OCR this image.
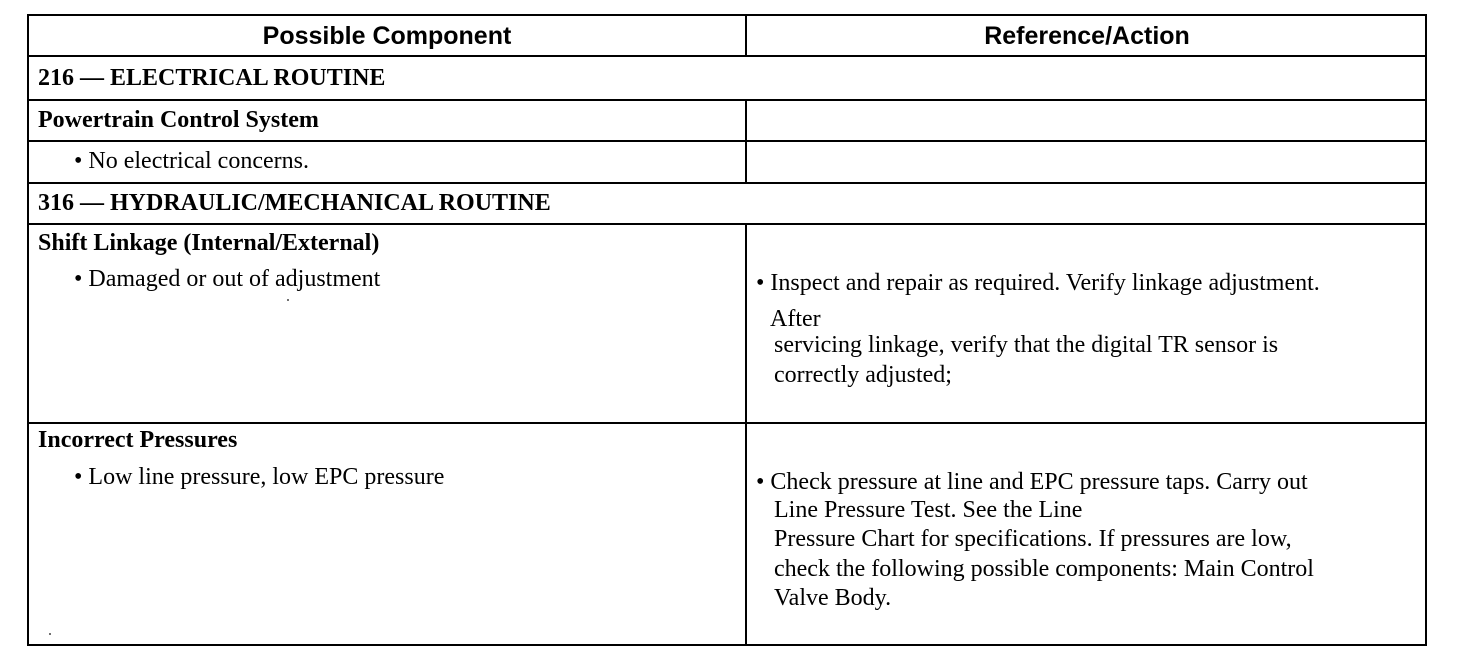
Possible Component	Reference/Action
216 — ELECTRICAL ROUTINE
Powertrain Control System
• No electrical concerns.
316 — HYDRAULIC/MECHANICAL ROUTINE
Shift Linkage (Internal/External)
• Damaged or out of adjustment	• Inspect and repair as required. Verify linkage adjustment.
After
servicing linkage, verify that the digital TR sensor is
correctly adjusted;
Incorrect Pressures
• Low line pressure, low EPC pressure	• Check pressure at line and EPC pressure taps. Carry out
Line Pressure Test. See the Line
Pressure Chart for specifications. If pressures are low,
check the following possible components: Main Control
Valve Body.
